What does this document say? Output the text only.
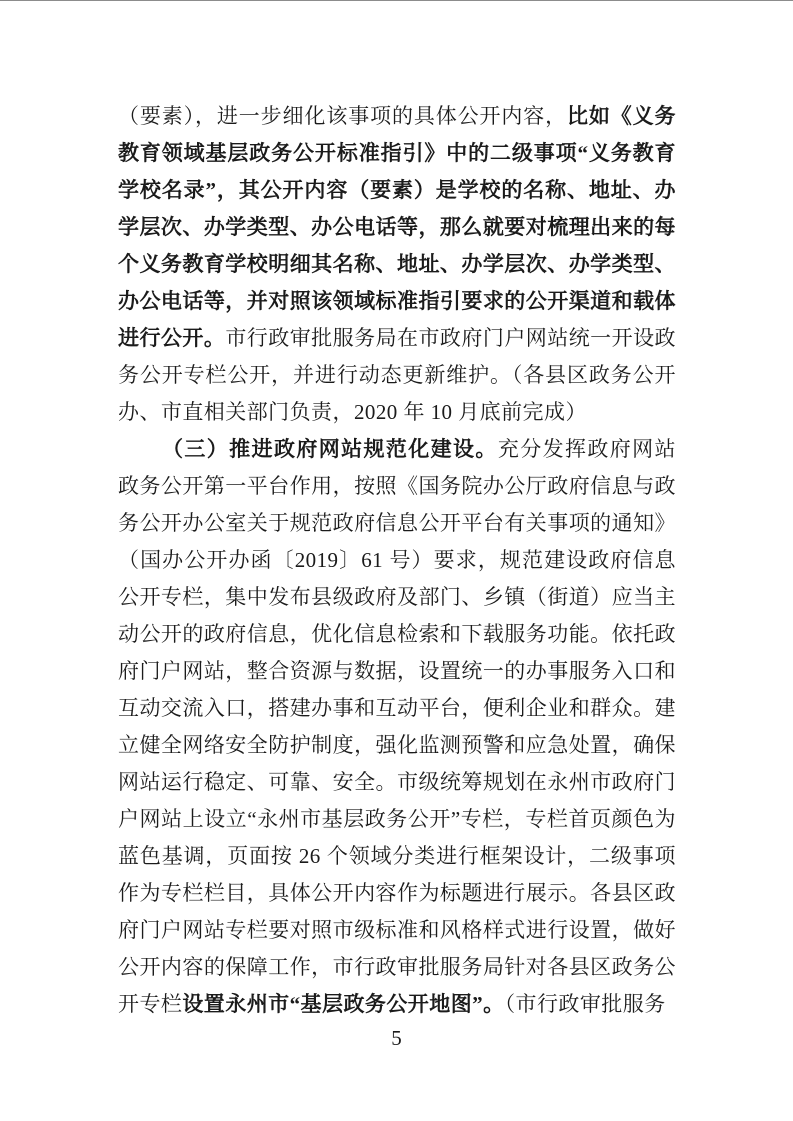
（要素），进一步细化该事项的具体公开内容，比如《义务教育领域基层政务公开标准指引》中的二级事项“义务教育学校名录”，其公开内容（要素）是学校的名称、地址、办学层次、办学类型、办公电话等，那么就要对梳理出来的每个义务教育学校明细其名称、地址、办学层次、办学类型、办公电话等，并对照该领域标准指引要求的公开渠道和载体进行公开。市行政审批服务局在市政府门户网站统一开设政务公开专栏公开，并进行动态更新维护。（各县区政务公开办、市直相关部门负责，2020 年 10 月底前完成）

（三）推进政府网站规范化建设。充分发挥政府网站政务公开第一平台作用，按照《国务院办公厅政府信息与政务公开办公室关于规范政府信息公开平台有关事项的通知》（国办公开办函〔2019〕61 号）要求，规范建设政府信息公开专栏，集中发布县级政府及部门、乡镇（街道）应当主动公开的政府信息，优化信息检索和下载服务功能。依托政府门户网站，整合资源与数据，设置统一的办事服务入口和互动交流入口，搭建办事和互动平台，便利企业和群众。建立健全网络安全防护制度，强化监测预警和应急处置，确保网站运行稳定、可靠、安全。市级统筹规划在永州市政府门户网站上设立“永州市基层政务公开”专栏，专栏首页颜色为蓝色基调，页面按 26 个领域分类进行框架设计，二级事项作为专栏栏目，具体公开内容作为标题进行展示。各县区政府门户网站专栏要对照市级标准和风格样式进行设置，做好公开内容的保障工作，市行政审批服务局针对各县区政务公开专栏设置永州市“基层政务公开地图”。（市行政审批服务

5
